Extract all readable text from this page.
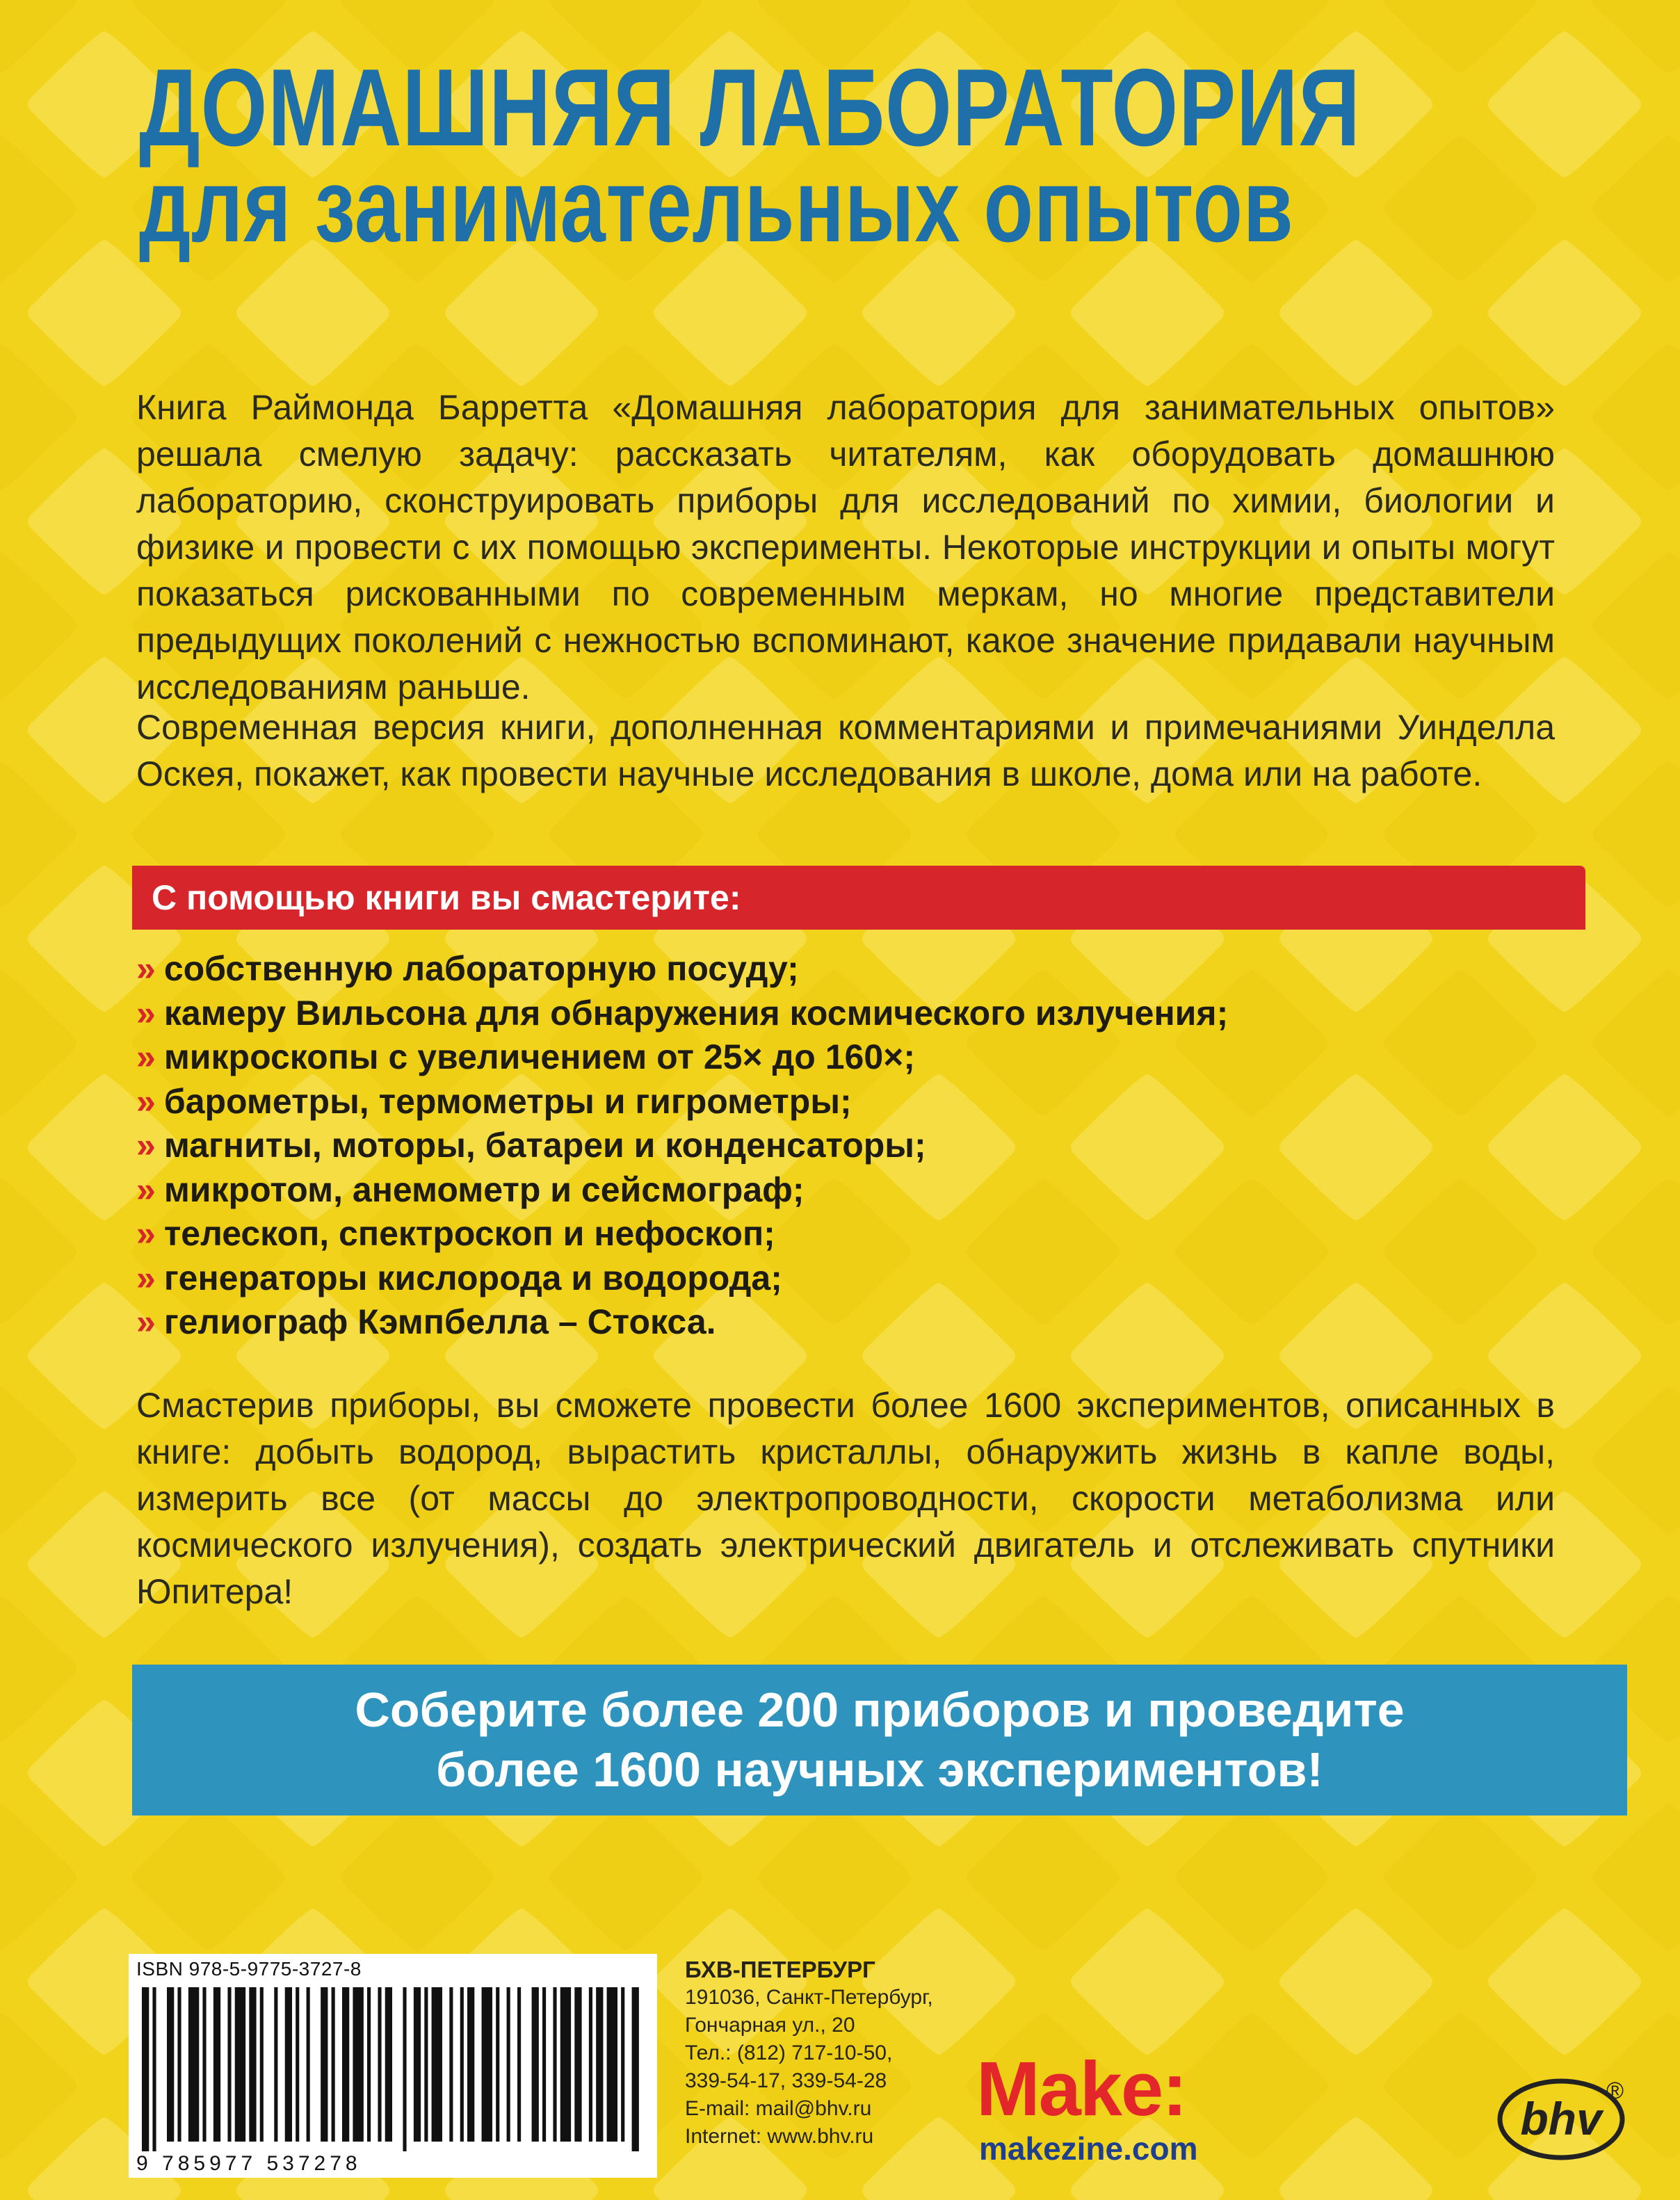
ДОМАШНЯЯ ЛАБОРАТОРИЯ
для занимательных опытов

Книга Раймонда Барретта «Домашняя лаборатория для занимательных опытов» решала смелую задачу: рассказать читателям, как оборудовать домашнюю лабораторию, сконструировать приборы для исследований по химии, биологии и физике и провести с их помощью эксперименты. Некоторые инструкции и опыты могут показаться рискованными по современным меркам, но многие представители предыдущих поколений с нежностью вспоминают, какое значение придавали научным исследованиям раньше.

Современная версия книги, дополненная комментариями и примечаниями Уинделла Оскея, покажет, как провести научные исследования в школе, дома или на работе.

С помощью книги вы смастерите:
» собственную лабораторную посуду;
» камеру Вильсона для обнаружения космического излучения;
» микроскопы с увеличением от 25× до 160×;
» барометры, термометры и гигрометры;
» магниты, моторы, батареи и конденсаторы;
» микротом, анемометр и сейсмограф;
» телескоп, спектроскоп и нефоскоп;
» генераторы кислорода и водорода;
» гелиограф Кэмпбелла – Стокса.

Смастерив приборы, вы сможете провести более 1600 экспериментов, описанных в книге: добыть водород, вырастить кристаллы, обнаружить жизнь в капле воды, измерить все (от массы до электропроводности, скорости метаболизма или космического излучения), создать электрический двигатель и отслеживать спутники Юпитера!

Соберите более 200 приборов и проведите
более 1600 научных экспериментов!
ISBN 978-5-9775-3727-8
9 785977 537278
БХВ-ПЕТЕРБУРГ
191036, Санкт-Петербург,
Гончарная ул., 20
Тел.: (812) 717-10-50,
339-54-17, 339-54-28
E-mail: mail@bhv.ru
Internet: www.bhv.ru
Make:
makezine.com
bhv
®
